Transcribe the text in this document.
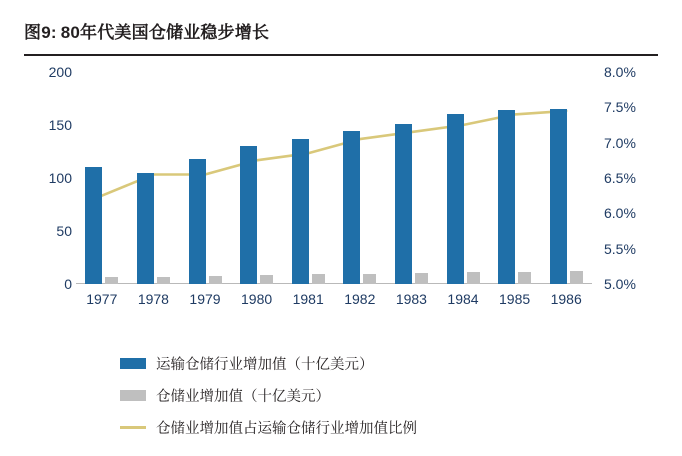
图9: 80年代美国仓储业稳步增长
0
50
100
150
200
5.0%
5.5%
6.0%
6.5%
7.0%
7.5%
8.0%
1977	1978	1979	1980	1981	1982	1983	1984	1985	1986
运输仓储行业增加值（十亿美元）
仓储业增加值（十亿美元）
仓储业增加值占运输仓储行业增加值比例
